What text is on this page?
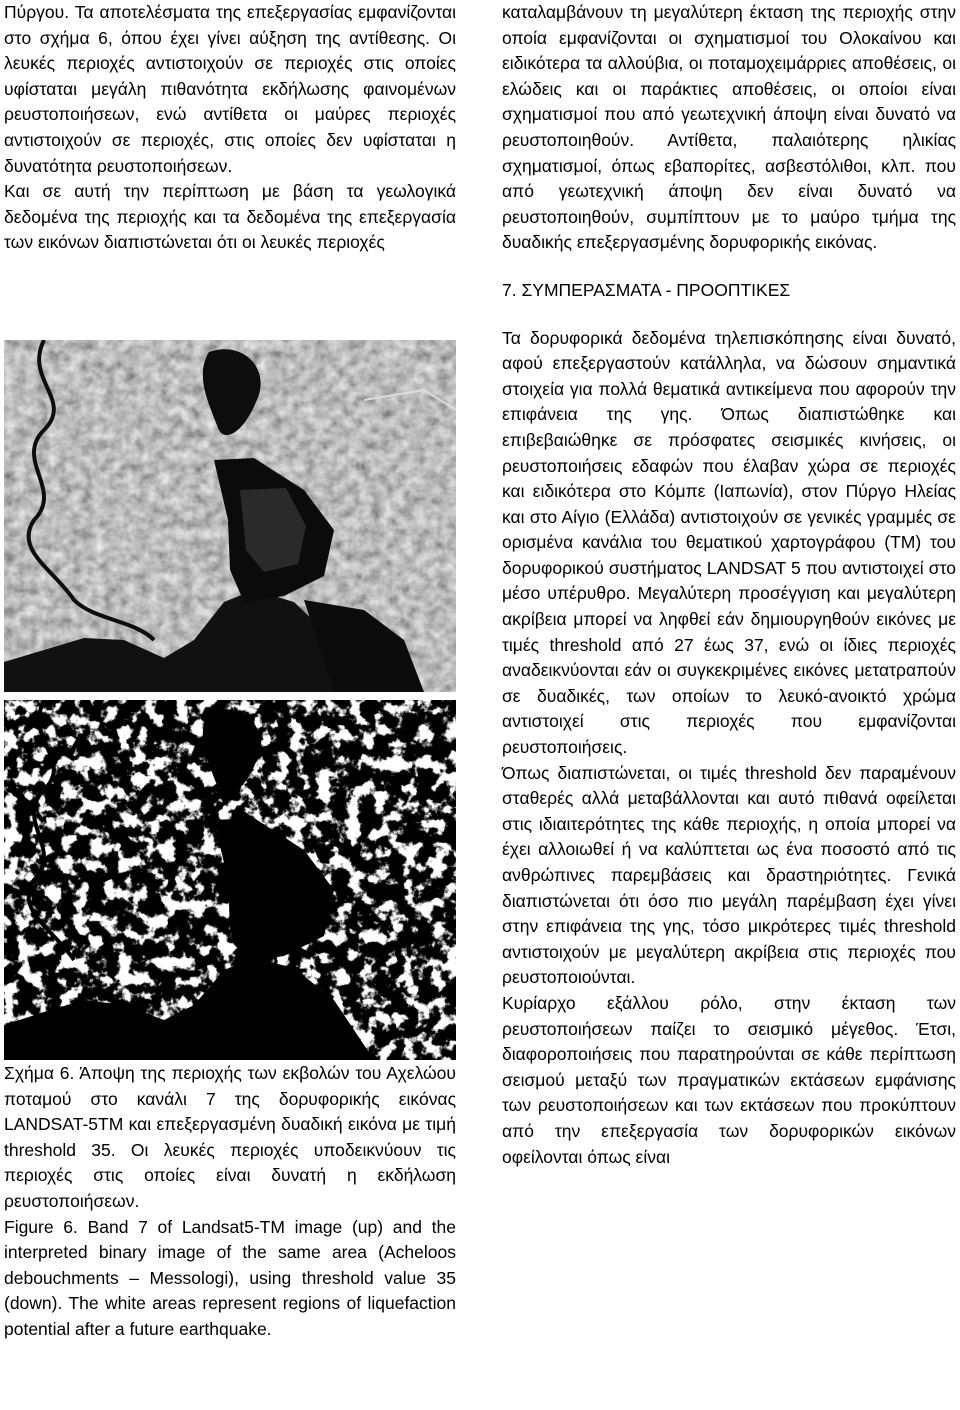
Πύργου. Τα αποτελέσματα της επεξεργασίας εμφανίζονται στο σχήμα 6, όπου έχει γίνει αύξηση της αντίθεσης. Οι λευκές περιοχές αντιστοιχούν σε περιοχές στις οποίες υφίσταται μεγάλη πιθανότητα εκδήλωσης φαινομένων ρευστοποιήσεων, ενώ αντίθετα οι μαύρες περιοχές αντιστοιχούν σε περιοχές, στις οποίες δεν υφίσταται η δυνατότητα ρευστοποιήσεων.

Και σε αυτή την περίπτωση με βάση τα γεωλογικά δεδομένα της περιοχής και τα δεδομένα της επεξεργασία των εικόνων διαπιστώνεται ότι οι λευκές περιοχές

Σχήμα 6. Άποψη της περιοχής των εκβολών του Αχελώου ποταμού στο κανάλι 7 της δορυφορικής εικόνας LANDSAT-5TM και επεξεργασμένη δυαδική εικόνα με τιμή threshold 35. Οι λευκές περιοχές υποδεικνύουν τις περιοχές στις οποίες είναι δυνατή η εκδήλωση ρευστοποιήσεων.

Figure 6. Band 7 of Landsat5-TM image (up) and the interpreted binary image of the same area (Acheloos debouchments – Messologi), using threshold value 35 (down). The white areas represent regions of liquefaction potential after a future earthquake.

καταλαμβάνουν τη μεγαλύτερη έκταση της περιοχής στην οποία εμφανίζονται οι σχηματισμοί του Ολοκαίνου και ειδικότερα τα αλλούβια, οι ποταμοχειμάρριες αποθέσεις, οι ελώδεις και οι παράκτιες αποθέσεις, οι οποίοι είναι σχηματισμοί που από γεωτεχνική άποψη είναι δυνατό να ρευστοποιηθούν. Αντίθετα, παλαιότερης ηλικίας σχηματισμοί, όπως εβαπορίτες, ασβεστόλιθοι, κλπ. που από γεωτεχνική άποψη δεν είναι δυνατό να ρευστοποιηθούν, συμπίπτουν με το μαύρο τμήμα της δυαδικής επεξεργασμένης δορυφορικής εικόνας.

7. ΣΥΜΠΕΡΑΣΜΑΤΑ - ΠΡΟΟΠΤΙΚΕΣ

Τα δορυφορικά δεδομένα τηλεπισκόπησης είναι δυνατό, αφού επεξεργαστούν κατάλληλα, να δώσουν σημαντικά στοιχεία για πολλά θεματικά αντικείμενα που αφορούν την επιφάνεια της γης. Όπως διαπιστώθηκε και επιβεβαιώθηκε σε πρόσφατες σεισμικές κινήσεις, οι ρευστοποιήσεις εδαφών που έλαβαν χώρα σε περιοχές και ειδικότερα στο Κόμπε (Ιαπωνία), στον Πύργο Ηλείας και στο Αίγιο (Ελλάδα) αντιστοιχούν σε γενικές γραμμές σε ορισμένα κανάλια του θεματικού χαρτογράφου (TM) του δορυφορικού συστήματος LANDSAT 5 που αντιστοιχεί στο μέσο υπέρυθρο. Μεγαλύτερη προσέγγιση και μεγαλύτερη ακρίβεια μπορεί να ληφθεί εάν δημιουργηθούν εικόνες με τιμές threshold από 27 έως 37, ενώ οι ίδιες περιοχές αναδεικνύονται εάν οι συγκεκριμένες εικόνες μετατραπούν σε δυαδικές, των οποίων το λευκό-ανοικτό χρώμα αντιστοιχεί στις περιοχές που εμφανίζονται ρευστοποιήσεις.

Όπως διαπιστώνεται, οι τιμές threshold δεν παραμένουν σταθερές αλλά μεταβάλλονται και αυτό πιθανά οφείλεται στις ιδιαιτερότητες της κάθε περιοχής, η οποία μπορεί να έχει αλλοιωθεί ή να καλύπτεται ως ένα ποσοστό από τις ανθρώπινες παρεμβάσεις και δραστηριότητες. Γενικά διαπιστώνεται ότι όσο πιο μεγάλη παρέμβαση έχει γίνει στην επιφάνεια της γης, τόσο μικρότερες τιμές threshold αντιστοιχούν με μεγαλύτερη ακρίβεια στις περιοχές που ρευστοποιούνται.

Κυρίαρχο εξάλλου ρόλο, στην έκταση των ρευστοποιήσεων παίζει το σεισμικό μέγεθος. Έτσι, διαφοροποιήσεις που παρατηρούνται σε κάθε περίπτωση σεισμού μεταξύ των πραγματικών εκτάσεων εμφάνισης των ρευστοποιήσεων και των εκτάσεων που προκύπτουν από την επεξεργασία των δορυφορικών εικόνων οφείλονται όπως είναι
